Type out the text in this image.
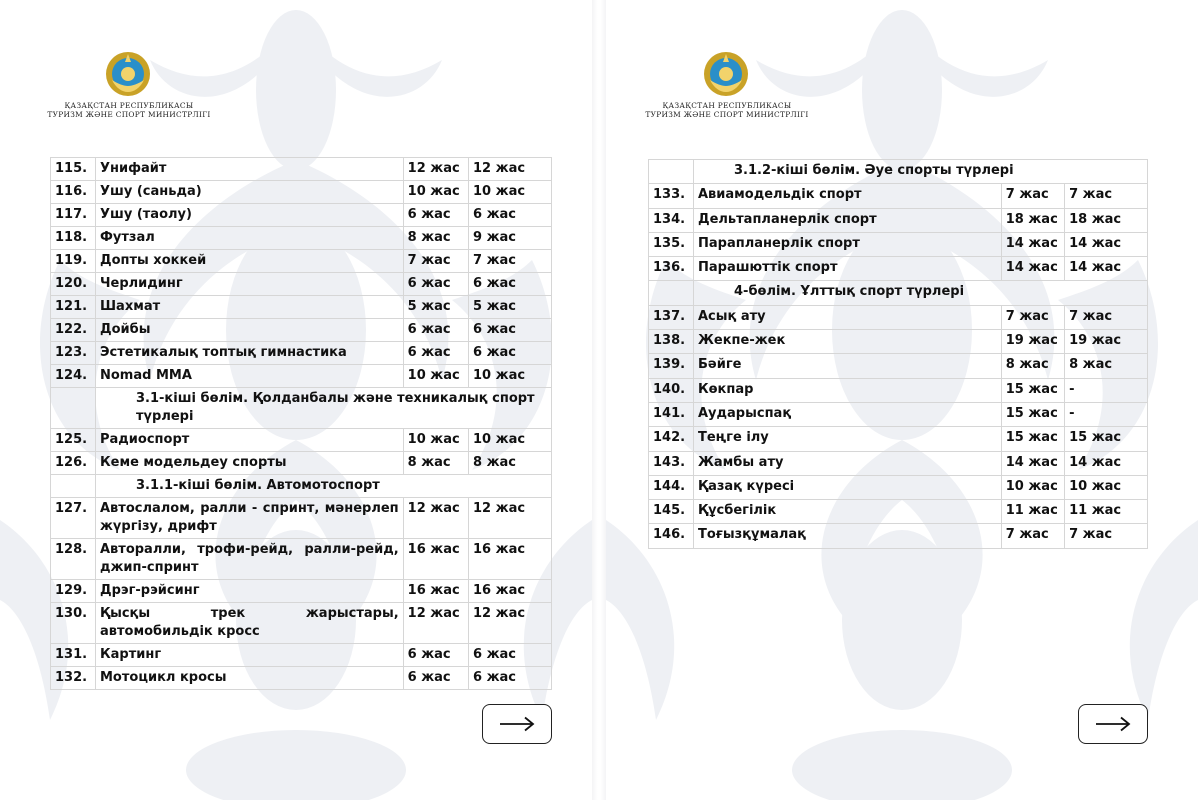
ҚАЗАҚСТАН РЕСПУБЛИКАСЫ
ТУРИЗМ ЖӘНЕ СПОРТ МИНИСТРЛІГІ
115.	Унифайт	12 жас	12 жас
116.	Ушу (саньда)	10 жас	10 жас
117.	Ушу (таолу)	6 жас	6 жас
118.	Футзал	8 жас	9 жас
119.	Допты хоккей	7 жас	7 жас
120.	Черлидинг	6 жас	6 жас
121.	Шахмат	5 жас	5 жас
122.	Дойбы	6 жас	6 жас
123.	Эстетикалық топтық гимнастика	6 жас	6 жас
124.	Nomad MMA	10 жас	10 жас
	3.1-кіші бөлім. Қолданбалы және техникалық спорт түрлері		
125.	Радиоспорт	10 жас	10 жас
126.	Кеме модельдеу спорты	8 жас	8 жас
	3.1.1-кіші бөлім. Автомотоспорт		
127.	Автослалом, ралли - спринт, мәнерлеп жүргізу, дрифт	12 жас	12 жас
128.	Авторалли, трофи-рейд, ралли-рейд, джип-спринт	16 жас	16 жас
129.	Дрэг-рэйсинг	16 жас	16 жас
130.	Қысқы трек жарыстары, автомобильдік кросс	12 жас	12 жас
131.	Картинг	6 жас	6 жас
132.	Мотоцикл кросы	6 жас	6 жас
ҚАЗАҚСТАН РЕСПУБЛИКАСЫ
ТУРИЗМ ЖӘНЕ СПОРТ МИНИСТРЛІГІ
	3.1.2-кіші бөлім. Әуе спорты түрлері		
133.	Авиамодельдік спорт	7 жас	7 жас
134.	Дельтапланерлік спорт	18 жас	18 жас
135.	Парапланерлік спорт	14 жас	14 жас
136.	Парашюттік спорт	14 жас	14 жас
	4-бөлім. Ұлттық спорт түрлері		
137.	Асық ату	7 жас	7 жас
138.	Жекпе-жек	19 жас	19 жас
139.	Бәйге	8 жас	8 жас
140.	Көкпар	15 жас	-
141.	Аударыспақ	15 жас	-
142.	Теңге ілу	15 жас	15 жас
143.	Жамбы ату	14 жас	14 жас
144.	Қазақ күресі	10 жас	10 жас
145.	Құсбегілік	11 жас	11 жас
146.	Тоғызқұмалақ	7 жас	7 жас
